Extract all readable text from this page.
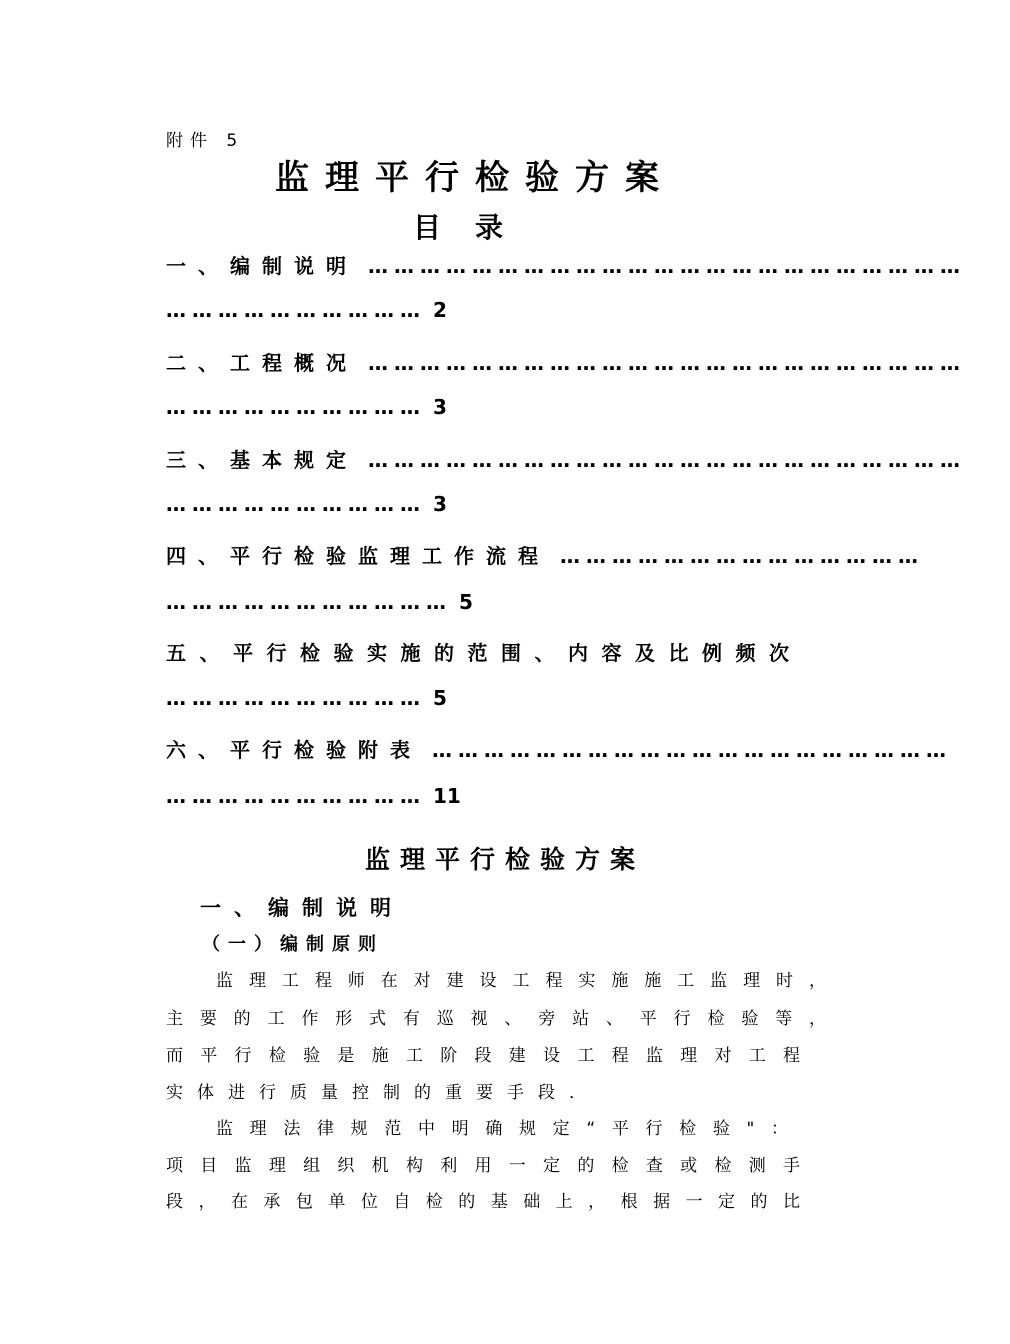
附件 5
监理平行检验方案
目录
一、编制说明 ……………………………………………………………
………………………… 2
二、工程概况 ……………………………………………………………
………………………… 3
三、基本规定 ……………………………………………………………
………………………… 3
四、平行检验监理工作流程 ……………………………………
…………………………… 5
五、平行检验实施的范围、内容及比例频次
………………………… 5
六、平行检验附表 ……………………………………………………
………………………… 11
监理平行检验方案
一、编制说明
（一）编制原则
监理工程师在对建设工程实施施工监理时，
主要的工作形式有巡视、旁站、平行检验等，
而平行检验是施工阶段建设工程监理对工程
实体进行质量控制的重要手段．
监理法律规范中明确规定“平行检验"：
项目监理组织机构利用一定的检查或检测手
段，在承包单位自检的基础上，根据一定的比
